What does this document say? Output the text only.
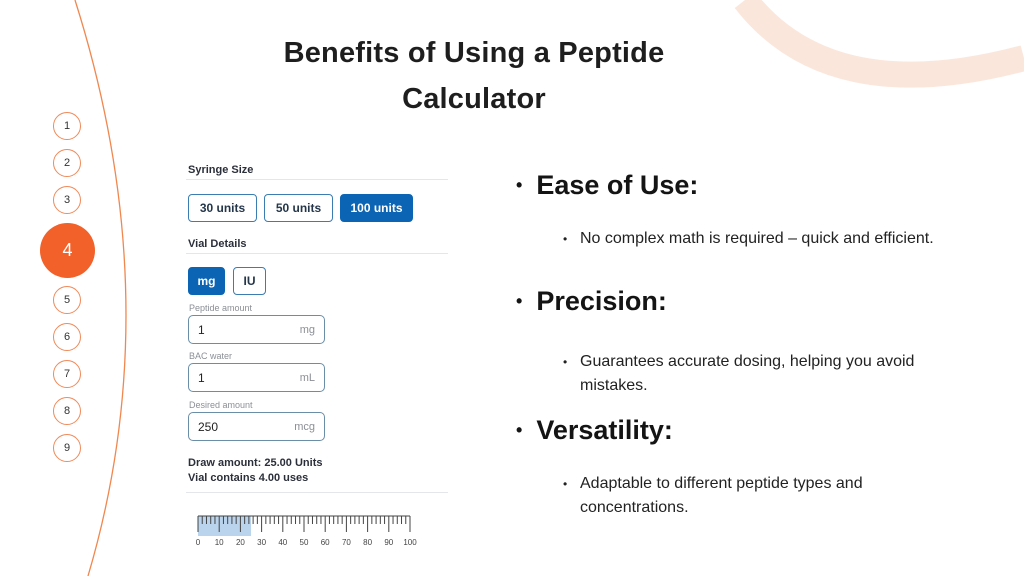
1
2
3
4
5
6
7
8
9
Benefits of Using a Peptide Calculator
Syringe Size
30 units	50 units	100 units
Vial Details
mg	IU
Peptide amount
1	mg
BAC water
1	mL
Desired amount
250	mcg
Draw amount: 25.00 Units
Vial contains 4.00 uses
0 10 20 30 40 50 60 70 80 90 100
• Ease of Use:
• No complex math is required – quick and efficient.
• Precision:
• Guarantees accurate dosing, helping you avoid mistakes.
• Versatility:
• Adaptable to different peptide types and concentrations.
